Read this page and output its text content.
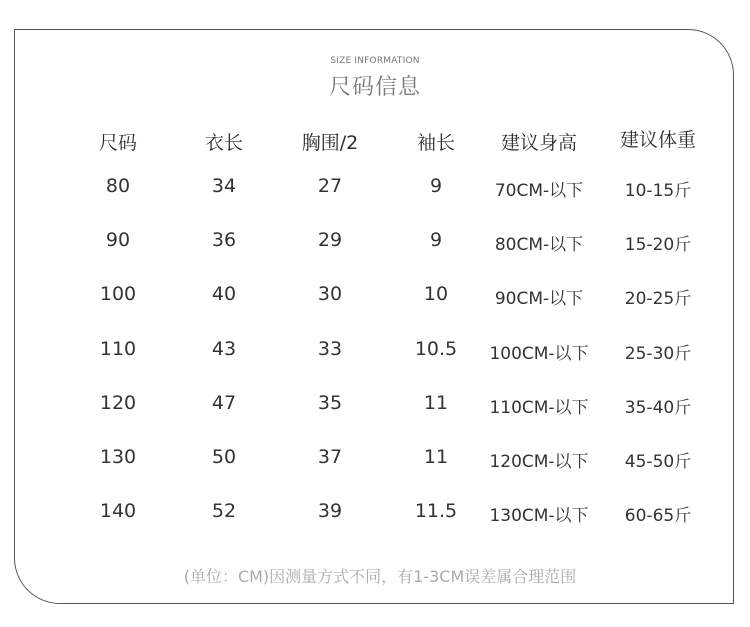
SIZE INFORMATION
尺码信息
尺码	衣长	胸围/2	袖长 建议身高 建议体重
80	34	27	9	70CM-以下 10-15斤
90	36	29	9	80CM-以下 15-20斤
100	40	30	10	90CM-以下 20-25斤
110	43	33	10.5 100CM-以下 25-30斤
120	47	35	11 110CM-以下 35-40斤
130	50	37	11 120CM-以下 45-50斤
140	52	39	11.5 130CM-以下 60-65斤
(单位：CM)因测量方式不同，有1-3CM误差属合理范围
